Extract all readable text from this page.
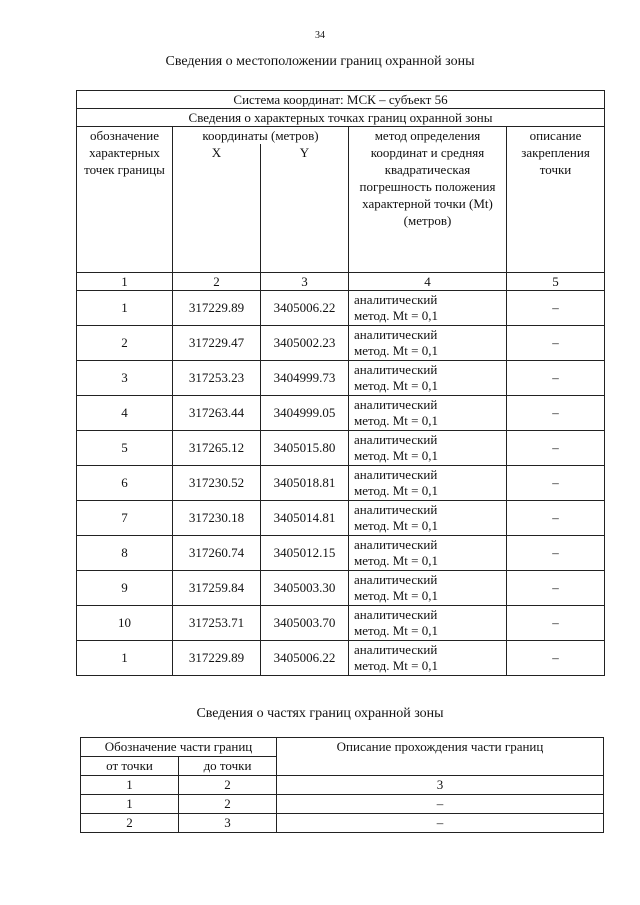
34
Сведения о местоположении границ охранной зоны
Система координат: МСК – субъект 56				
Сведения о характерных точках границ охранной зоны				
обозначение характерных точек границы	координаты (метров)		метод определения координат и средняя квадратическая погрешность положения характерной точки (Mt) (метров)	описание закрепления точки
	X	Y		

1	2	3	4	5
1	317229.89	3405006.22	аналитический
метод. Mt = 0,1	–
2	317229.47	3405002.23	аналитический
метод. Mt = 0,1	–
3	317253.23	3404999.73	аналитический
метод. Mt = 0,1	–
4	317263.44	3404999.05	аналитический
метод. Mt = 0,1	–
5	317265.12	3405015.80	аналитический
метод. Mt = 0,1	–
6	317230.52	3405018.81	аналитический
метод. Mt = 0,1	–
7	317230.18	3405014.81	аналитический
метод. Mt = 0,1	–
8	317260.74	3405012.15	аналитический
метод. Mt = 0,1	–
9	317259.84	3405003.30	аналитический
метод. Mt = 0,1	–
10	317253.71	3405003.70	аналитический
метод. Mt = 0,1	–
1	317229.89	3405006.22	аналитический
метод. Mt = 0,1	–
Сведения о частях границ охранной зоны
Обозначение части границ		Описание прохождения части границ
от точки	до точки	
1	2	3
1	2	–
2	3	–
